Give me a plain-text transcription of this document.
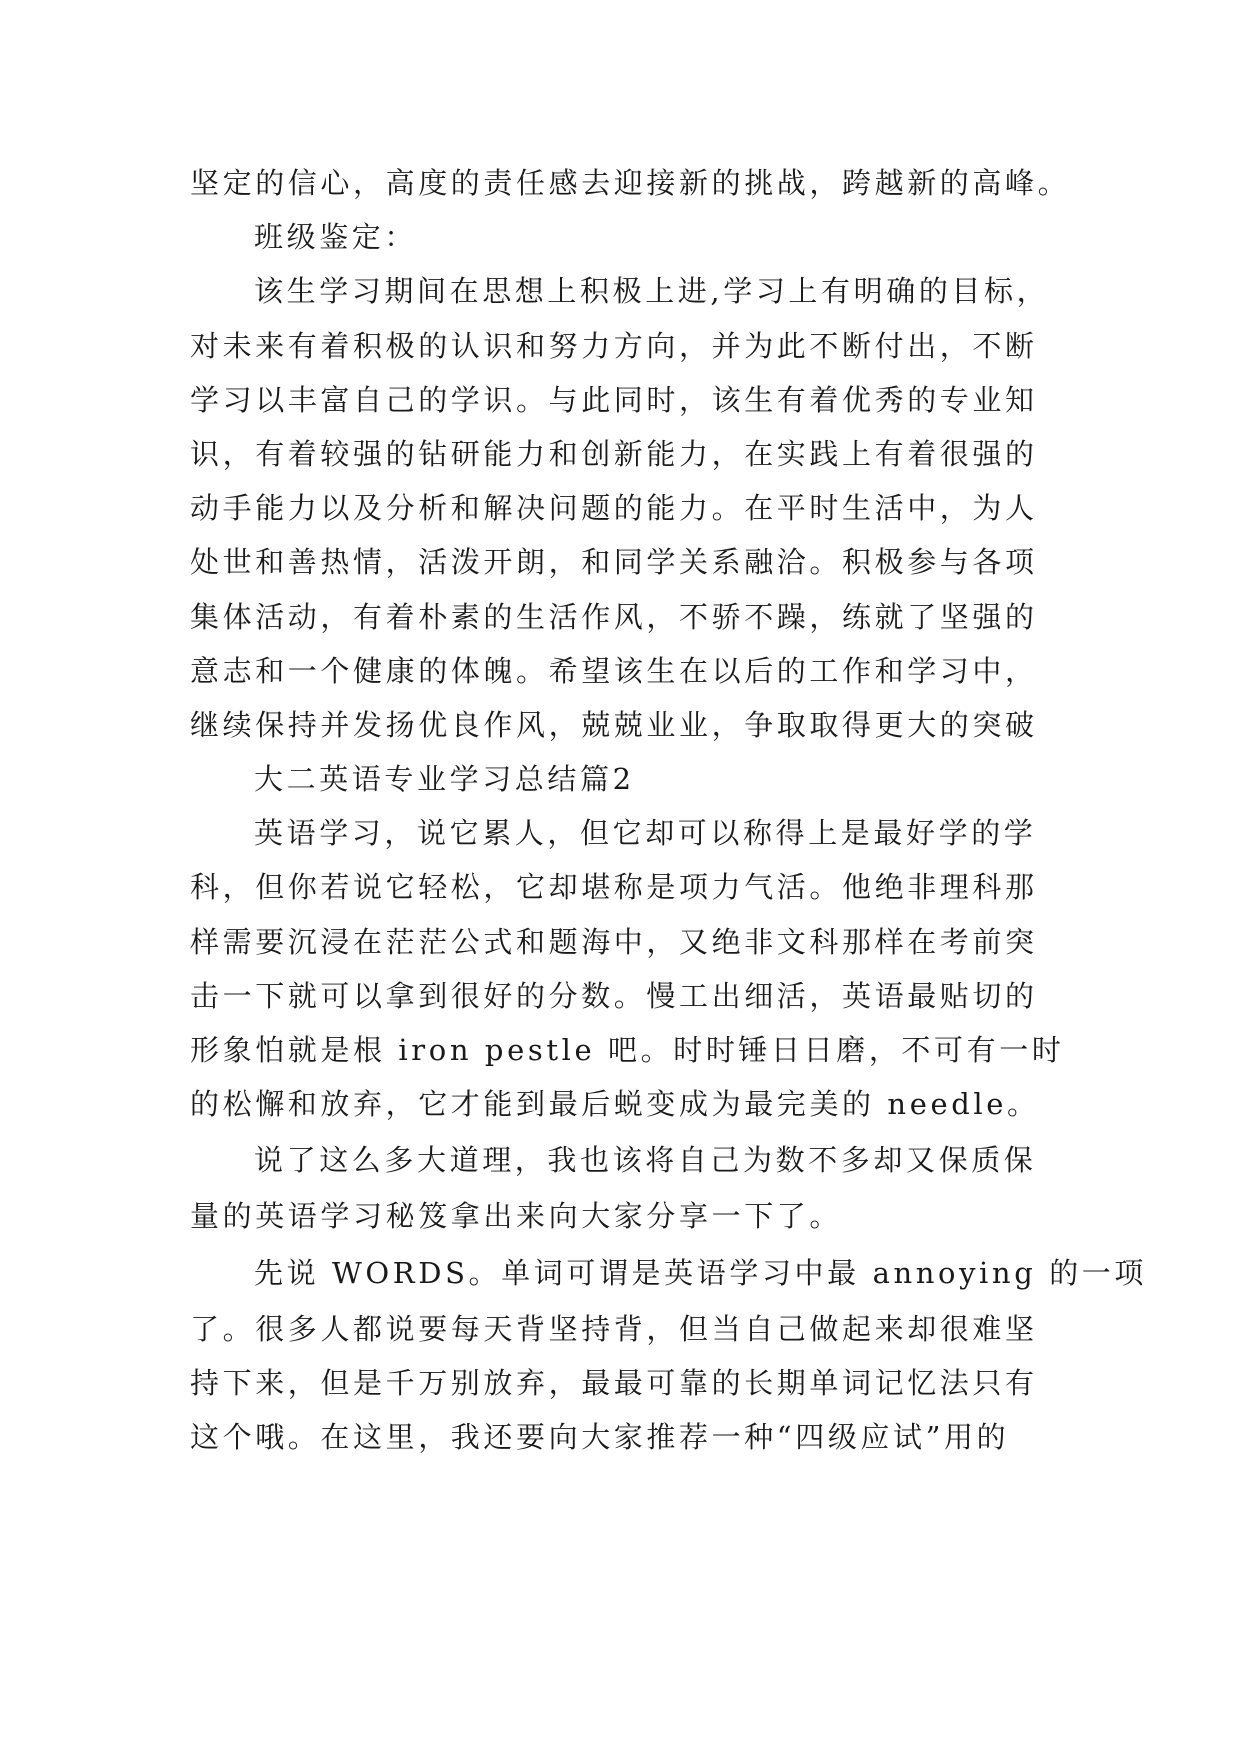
坚定的信心，高度的责任感去迎接新的挑战，跨越新的高峰。
班级鉴定：
该生学习期间在思想上积极上进,学习上有明确的目标，
对未来有着积极的认识和努力方向，并为此不断付出，不断
学习以丰富自己的学识。与此同时，该生有着优秀的专业知
识，有着较强的钻研能力和创新能力，在实践上有着很强的
动手能力以及分析和解决问题的能力。在平时生活中，为人
处世和善热情，活泼开朗，和同学关系融洽。积极参与各项
集体活动，有着朴素的生活作风，不骄不躁，练就了坚强的
意志和一个健康的体魄。希望该生在以后的工作和学习中，
继续保持并发扬优良作风，兢兢业业，争取取得更大的突破
大二英语专业学习总结篇2
英语学习，说它累人，但它却可以称得上是最好学的学
科，但你若说它轻松，它却堪称是项力气活。他绝非理科那
样需要沉浸在茫茫公式和题海中，又绝非文科那样在考前突
击一下就可以拿到很好的分数。慢工出细活，英语最贴切的
形象怕就是根 iron pestle 吧。时时锤日日磨，不可有一时
的松懈和放弃，它才能到最后蜕变成为最完美的 needle。
说了这么多大道理，我也该将自己为数不多却又保质保
量的英语学习秘笈拿出来向大家分享一下了。
先说 WORDS。单词可谓是英语学习中最 annoying 的一项
了。很多人都说要每天背坚持背，但当自己做起来却很难坚
持下来，但是千万别放弃，最最可靠的长期单词记忆法只有
这个哦。在这里，我还要向大家推荐一种“四级应试”用的
